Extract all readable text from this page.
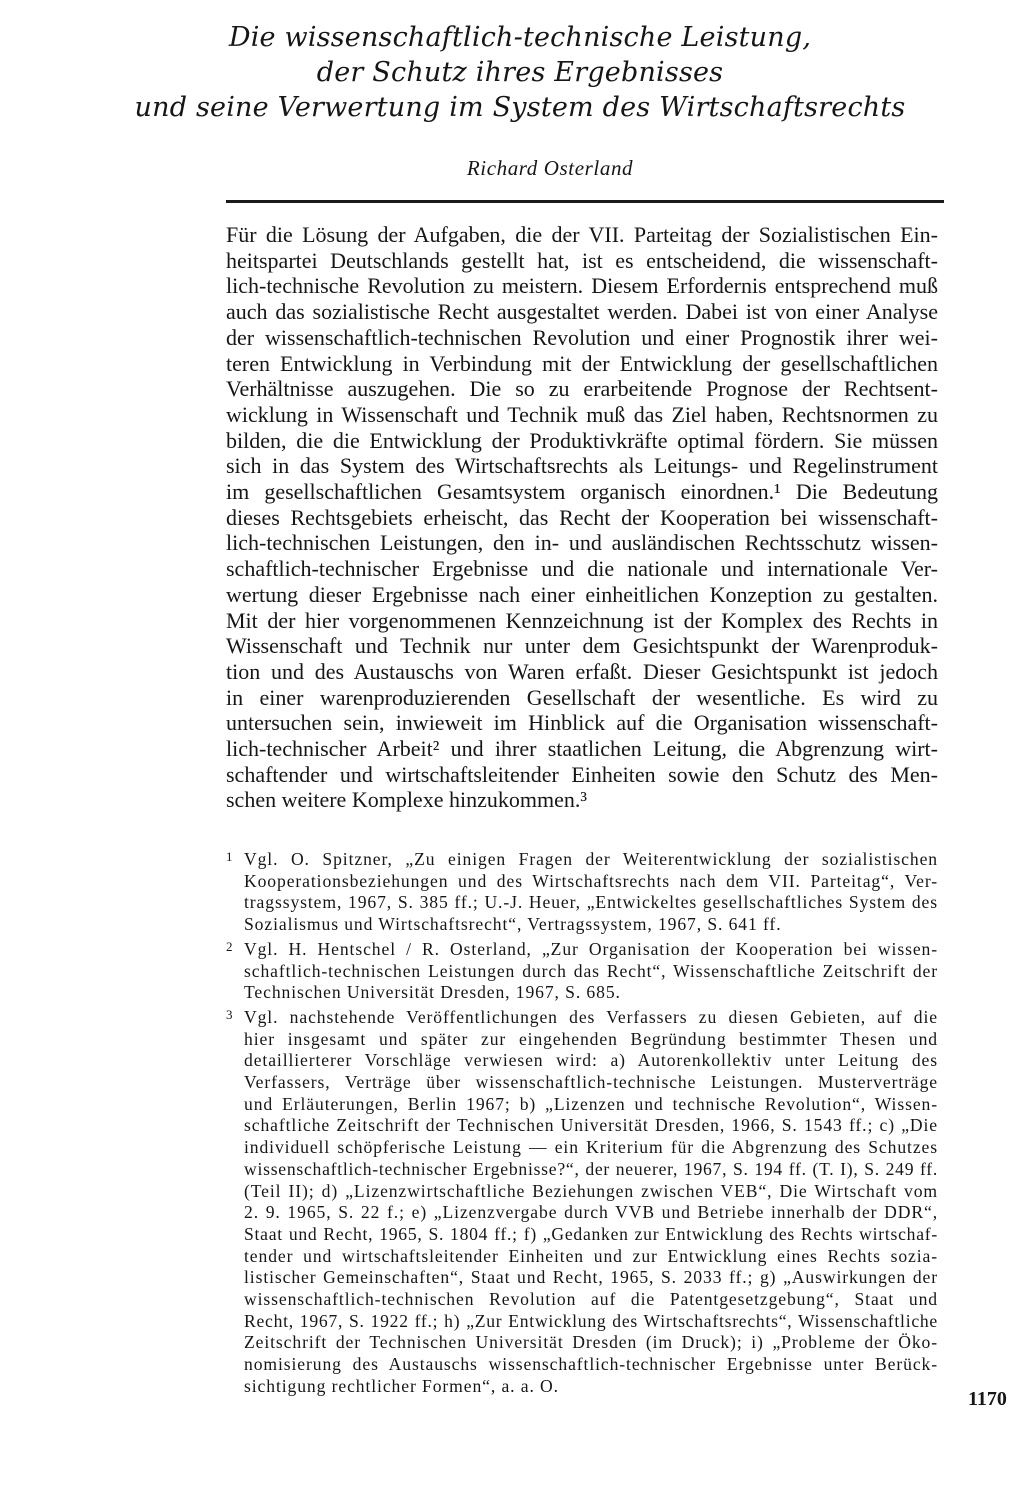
Die wissenschaftlich-technische Leistung,
der Schutz ihres Ergebnisses
und seine Verwertung im System des Wirtschaftsrechts
Richard Osterland
Für die Lösung der Aufgaben, die der VII. Parteitag der Sozialistischen Ein-
heitspartei Deutschlands gestellt hat, ist es entscheidend, die wissenschaft-
lich-technische Revolution zu meistern. Diesem Erfordernis entsprechend muß
auch das sozialistische Recht ausgestaltet werden. Dabei ist von einer Analyse
der wissenschaftlich-technischen Revolution und einer Prognostik ihrer wei-
teren Entwicklung in Verbindung mit der Entwicklung der gesellschaftlichen
Verhältnisse auszugehen. Die so zu erarbeitende Prognose der Rechtsent-
wicklung in Wissenschaft und Technik muß das Ziel haben, Rechtsnormen zu
bilden, die die Entwicklung der Produktivkräfte optimal fördern. Sie müssen
sich in das System des Wirtschaftsrechts als Leitungs- und Regelinstrument
im gesellschaftlichen Gesamtsystem organisch einordnen.¹ Die Bedeutung
dieses Rechtsgebiets erheischt, das Recht der Kooperation bei wissenschaft-
lich-technischen Leistungen, den in- und ausländischen Rechtsschutz wissen-
schaftlich-technischer Ergebnisse und die nationale und internationale Ver-
wertung dieser Ergebnisse nach einer einheitlichen Konzeption zu gestalten.
Mit der hier vorgenommenen Kennzeichnung ist der Komplex des Rechts in
Wissenschaft und Technik nur unter dem Gesichtspunkt der Warenproduk-
tion und des Austauschs von Waren erfaßt. Dieser Gesichtspunkt ist jedoch
in einer warenproduzierenden Gesellschaft der wesentliche. Es wird zu
untersuchen sein, inwieweit im Hinblick auf die Organisation wissenschaft-
lich-technischer Arbeit² und ihrer staatlichen Leitung, die Abgrenzung wirt-
schaftender und wirtschaftsleitender Einheiten sowie den Schutz des Men-
schen weitere Komplexe hinzukommen.³
1 Vgl. O. Spitzner, „Zu einigen Fragen der Weiterentwicklung der sozialistischen
Kooperationsbeziehungen und des Wirtschaftsrechts nach dem VII. Parteitag“, Ver-
tragssystem, 1967, S. 385 ff.; U.-J. Heuer, „Entwickeltes gesellschaftliches System des
Sozialismus und Wirtschaftsrecht“, Vertragssystem, 1967, S. 641 ff.
2 Vgl. H. Hentschel / R. Osterland, „Zur Organisation der Kooperation bei wissen-
schaftlich-technischen Leistungen durch das Recht“, Wissenschaftliche Zeitschrift der
Technischen Universität Dresden, 1967, S. 685.
3 Vgl. nachstehende Veröffentlichungen des Verfassers zu diesen Gebieten, auf die
hier insgesamt und später zur eingehenden Begründung bestimmter Thesen und
detaillierterer Vorschläge verwiesen wird: a) Autorenkollektiv unter Leitung des
Verfassers, Verträge über wissenschaftlich-technische Leistungen. Musterverträge
und Erläuterungen, Berlin 1967; b) „Lizenzen und technische Revolution“, Wissen-
schaftliche Zeitschrift der Technischen Universität Dresden, 1966, S. 1543 ff.; c) „Die
individuell schöpferische Leistung — ein Kriterium für die Abgrenzung des Schutzes
wissenschaftlich-technischer Ergebnisse?“, der neuerer, 1967, S. 194 ff. (T. I), S. 249 ff.
(Teil II); d) „Lizenzwirtschaftliche Beziehungen zwischen VEB“, Die Wirtschaft vom
2. 9. 1965, S. 22 f.; e) „Lizenzvergabe durch VVB und Betriebe innerhalb der DDR“,
Staat und Recht, 1965, S. 1804 ff.; f) „Gedanken zur Entwicklung des Rechts wirtschaf-
tender und wirtschaftsleitender Einheiten und zur Entwicklung eines Rechts sozia-
listischer Gemeinschaften“, Staat und Recht, 1965, S. 2033 ff.; g) „Auswirkungen der
wissenschaftlich-technischen Revolution auf die Patentgesetzgebung“, Staat und
Recht, 1967, S. 1922 ff.; h) „Zur Entwicklung des Wirtschaftsrechts“, Wissenschaftliche
Zeitschrift der Technischen Universität Dresden (im Druck); i) „Probleme der Öko-
nomisierung des Austauschs wissenschaftlich-technischer Ergebnisse unter Berück-
sichtigung rechtlicher Formen“, a. a. O.
1170
